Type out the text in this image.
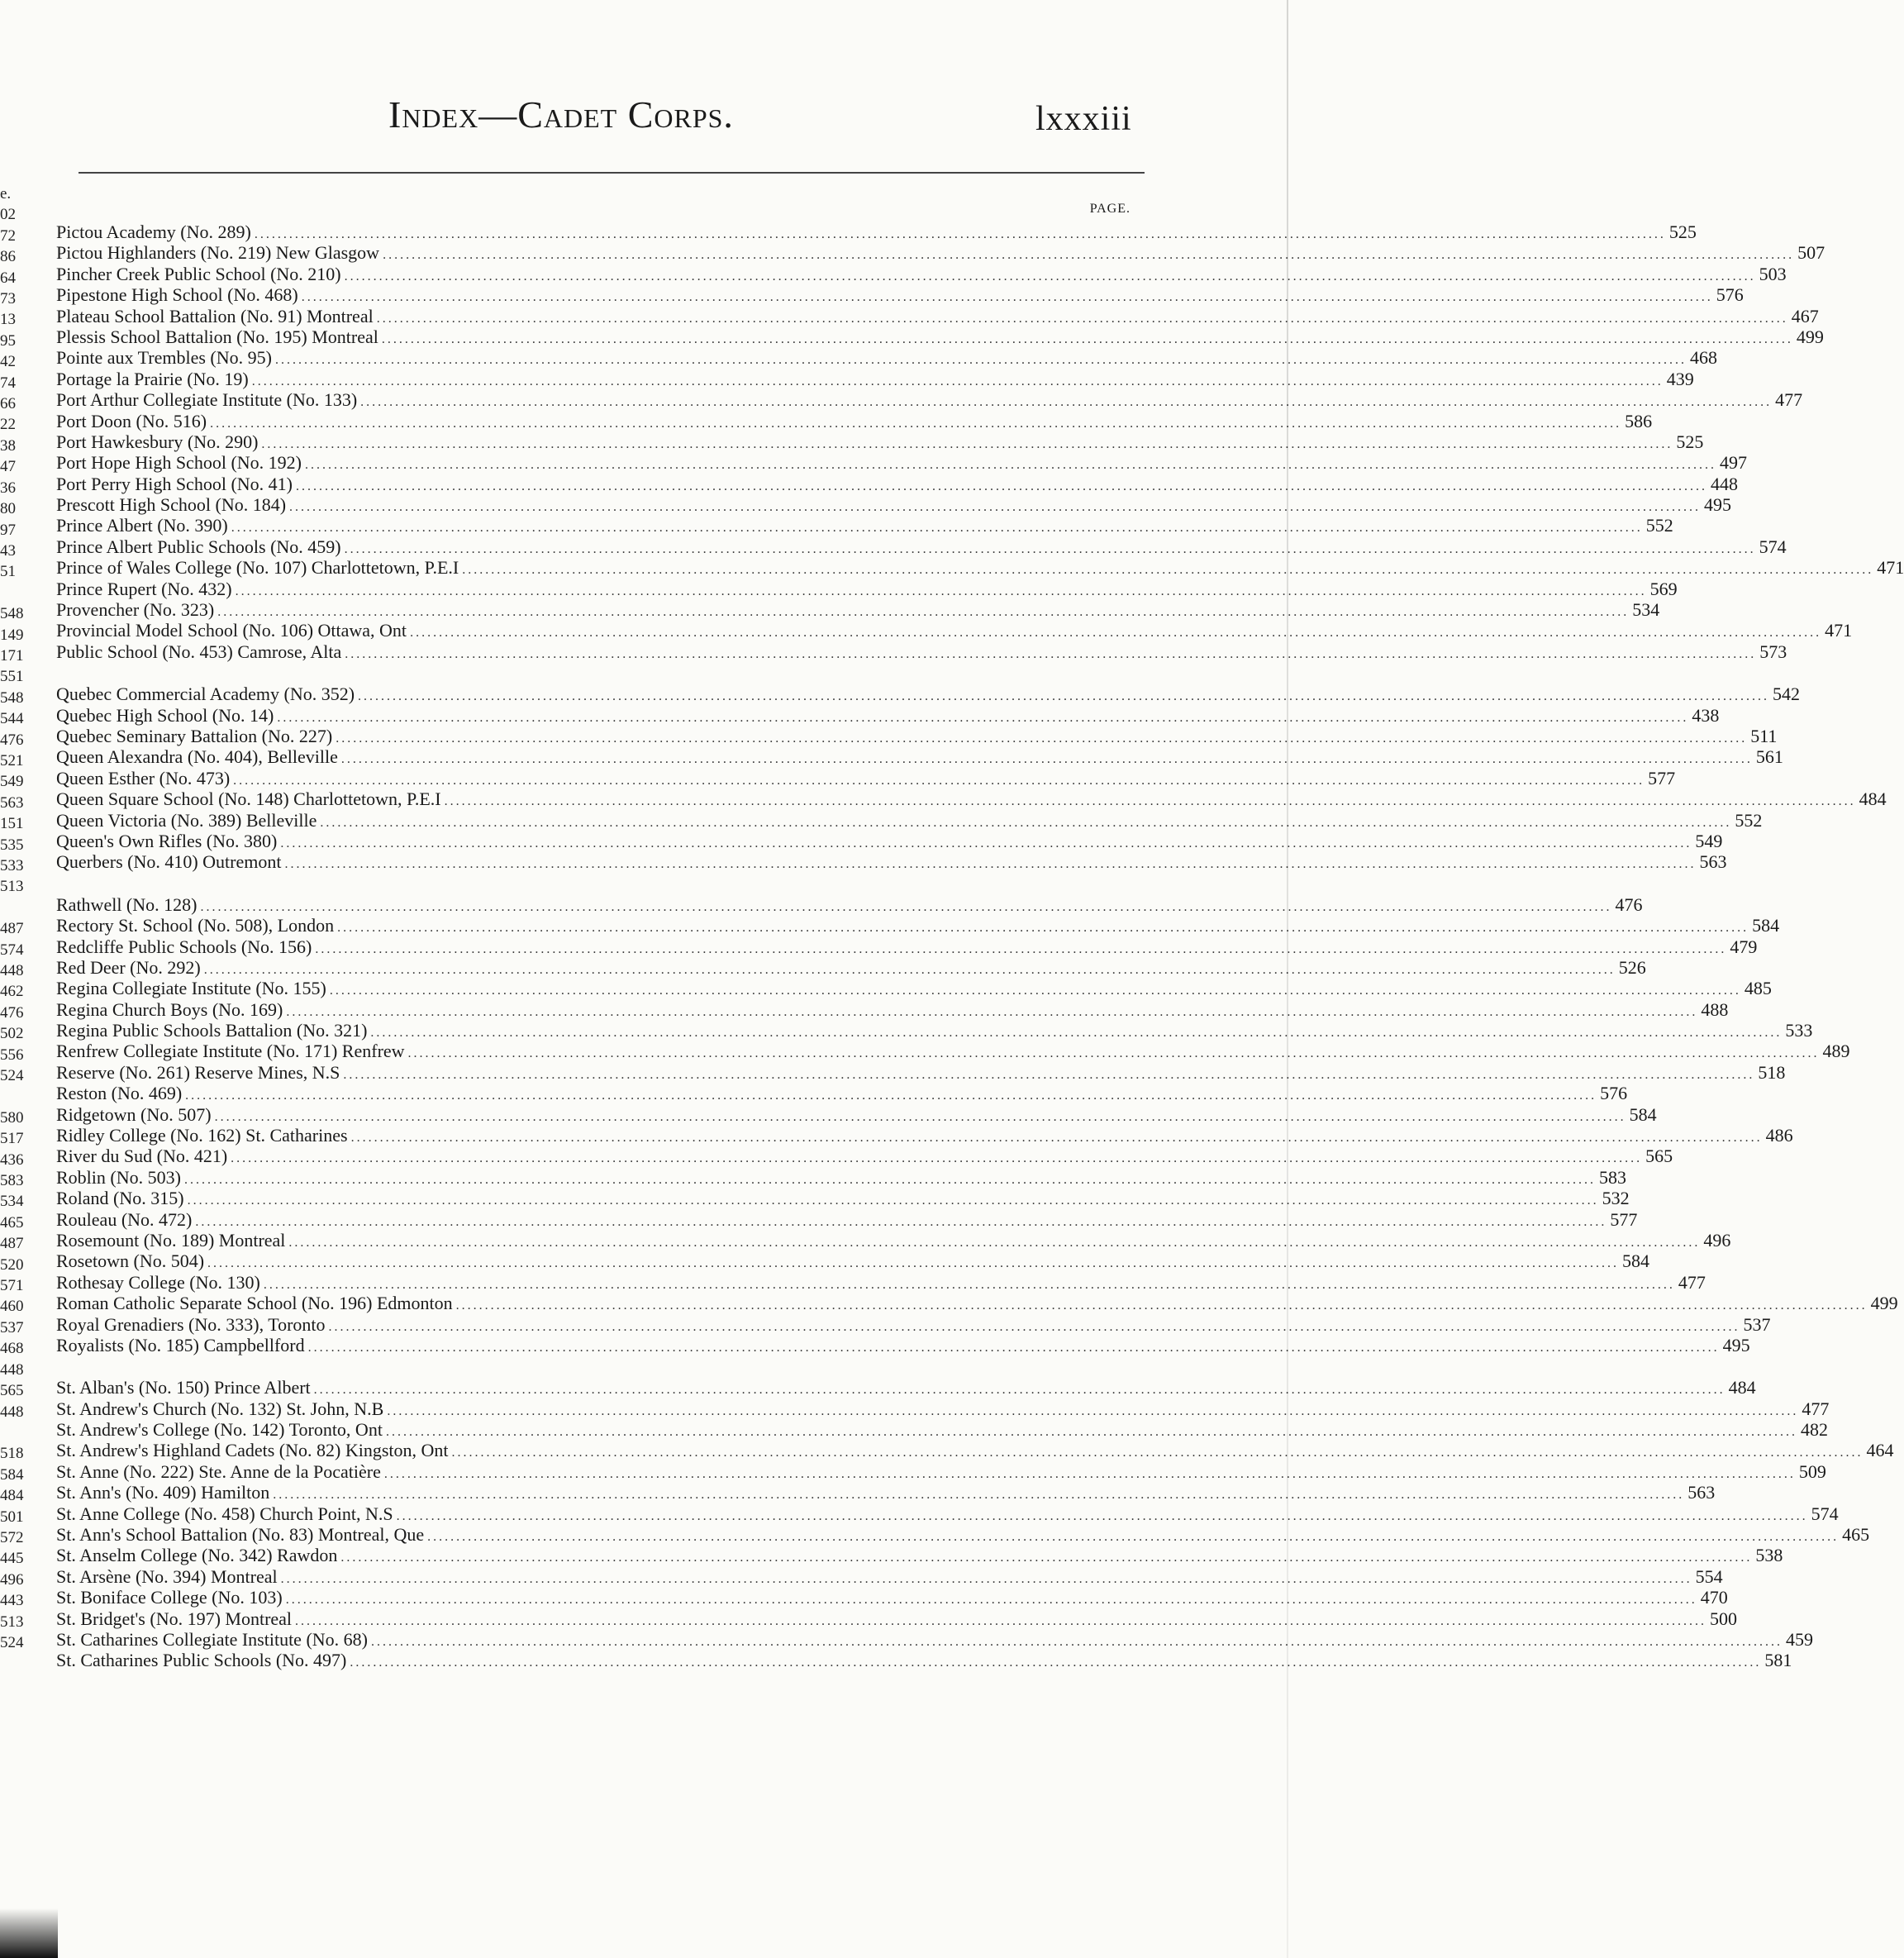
Index—Cadet Corps.	lxxxiii
e.
02
72
86
64
73
13
95
42
74
66
22
38
47
36
80
97
43
51
548
149
171
551
548
544
476
521
549
563
151
535
533
513
487
574
448
462
476
502
556
524
580
517
436
583
534
465
487
520
571
460
537
468
448
565
448
518
584
484
501
572
445
496
443
513
524
PAGE.
Pictou Academy (No. 289) .....	525
Pictou Highlanders (No. 219) New Glasgow .....	507
Pincher Creek Public School (No. 210) .....	503
Pipestone High School (No. 468) .....	576
Plateau School Battalion (No. 91) Montreal .....	467
Plessis School Battalion (No. 195) Montreal .....	499
Pointe aux Trembles (No. 95) .....	468
Portage la Prairie (No. 19) .....	439
Port Arthur Collegiate Institute (No. 133) .....	477
Port Doon (No. 516) .....	586
Port Hawkesbury (No. 290) .....	525
Port Hope High School (No. 192) .....	497
Port Perry High School (No. 41) .....	448
Prescott High School (No. 184) .....	495
Prince Albert (No. 390) .....	552
Prince Albert Public Schools (No. 459) .....	574
Prince of Wales College (No. 107) Charlottetown, P.E.I .....	471
Prince Rupert (No. 432) .....	569
Provencher (No. 323) .....	534
Provincial Model School (No. 106) Ottawa, Ont .....	471
Public School (No. 453) Camrose, Alta .....	573
Quebec Commercial Academy (No. 352) .....	542
Quebec High School (No. 14) .....	438
Quebec Seminary Battalion (No. 227) .....	511
Queen Alexandra (No. 404), Belleville .....	561
Queen Esther (No. 473) .....	577
Queen Square School (No. 148) Charlottetown, P.E.I .....	484
Queen Victoria (No. 389) Belleville .....	552
Queen's Own Rifles (No. 380) .....	549
Querbers (No. 410) Outremont .....	563
Rathwell (No. 128) .....	476
Rectory St. School (No. 508), London .....	584
Redcliffe Public Schools (No. 156) .....	479
Red Deer (No. 292) .....	526
Regina Collegiate Institute (No. 155) .....	485
Regina Church Boys (No. 169) .....	488
Regina Public Schools Battalion (No. 321) .....	533
Renfrew Collegiate Institute (No. 171) Renfrew .....	489
Reserve (No. 261) Reserve Mines, N.S .....	518
Reston (No. 469) .....	576
Ridgetown (No. 507) .....	584
Ridley College (No. 162) St. Catharines .....	486
River du Sud (No. 421) .....	565
Roblin (No. 503) .....	583
Roland (No. 315) .....	532
Rouleau (No. 472) .....	577
Rosemount (No. 189) Montreal .....	496
Rosetown (No. 504) .....	584
Rothesay College (No. 130) .....	477
Roman Catholic Separate School (No. 196) Edmonton .....	499
Royal Grenadiers (No. 333), Toronto .....	537
Royalists (No. 185) Campbellford .....	495
St. Alban's (No. 150) Prince Albert .....	484
St. Andrew's Church (No. 132) St. John, N.B .....	477
St. Andrew's College (No. 142) Toronto, Ont .....	482
St. Andrew's Highland Cadets (No. 82) Kingston, Ont .....	464
St. Anne (No. 222) Ste. Anne de la Pocatière .....	509
St. Ann's (No. 409) Hamilton .....	563
St. Anne College (No. 458) Church Point, N.S .....	574
St. Ann's School Battalion (No. 83) Montreal, Que .....	465
St. Anselm College (No. 342) Rawdon .....	538
St. Arsène (No. 394) Montreal .....	554
St. Boniface College (No. 103) .....	470
St. Bridget's (No. 197) Montreal .....	500
St. Catharines Collegiate Institute (No. 68) .....	459
St. Catharines Public Schools (No. 497) .....	581
